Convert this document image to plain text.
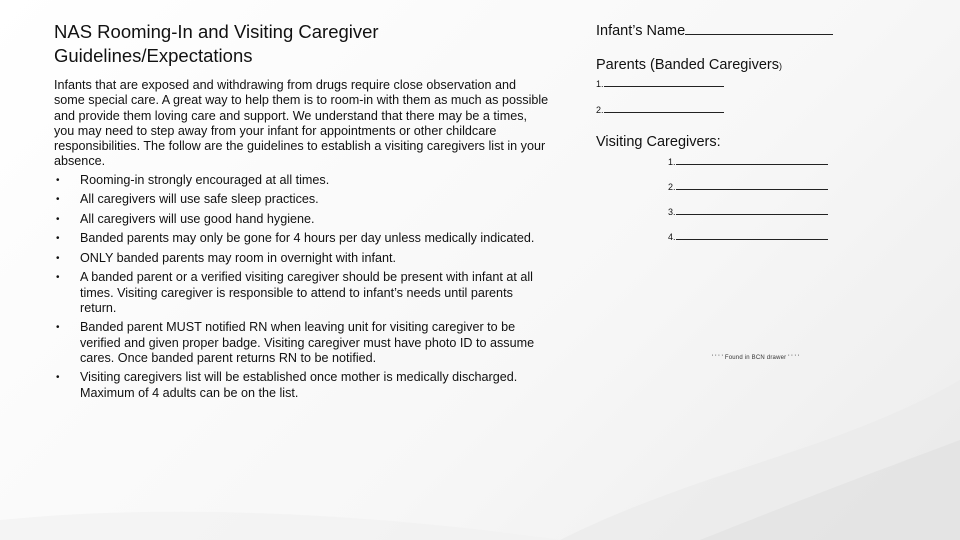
NAS Rooming-In and Visiting Caregiver
Guidelines/Expectations

Infants that are exposed and withdrawing from drugs require close observation and some special care. A great way to help them is to room-in with them as much as possible and provide them loving care and support. We understand that there may be a times, you may need to step away from your infant for appointments or other childcare responsibilities. The follow are the guidelines to establish a visiting caregivers list in your absence.

• Rooming-in strongly encouraged at all times.
• All caregivers will use safe sleep practices.
• All caregivers will use good hand hygiene.
• Banded parents may only be gone for 4 hours per day unless medically indicated.
• ONLY banded parents may room in overnight with infant.
• A banded parent or a verified visiting caregiver should be present with infant at all times. Visiting caregiver is responsible to attend to infant’s needs until parents return.
• Banded parent MUST notified RN when leaving unit for visiting caregiver to be verified and given proper badge. Visiting caregiver must have photo ID to assume cares. Once banded parent returns RN to be notified.
• Visiting caregivers list will be established once mother is medically discharged. Maximum of 4 adults can be on the list.
Infant’s Name
Parents (Banded Caregivers)
1.
2.
Visiting Caregivers:
1.
2.
3.
4.
' ' ' ' Found in BCN drawer ' ' ' '
